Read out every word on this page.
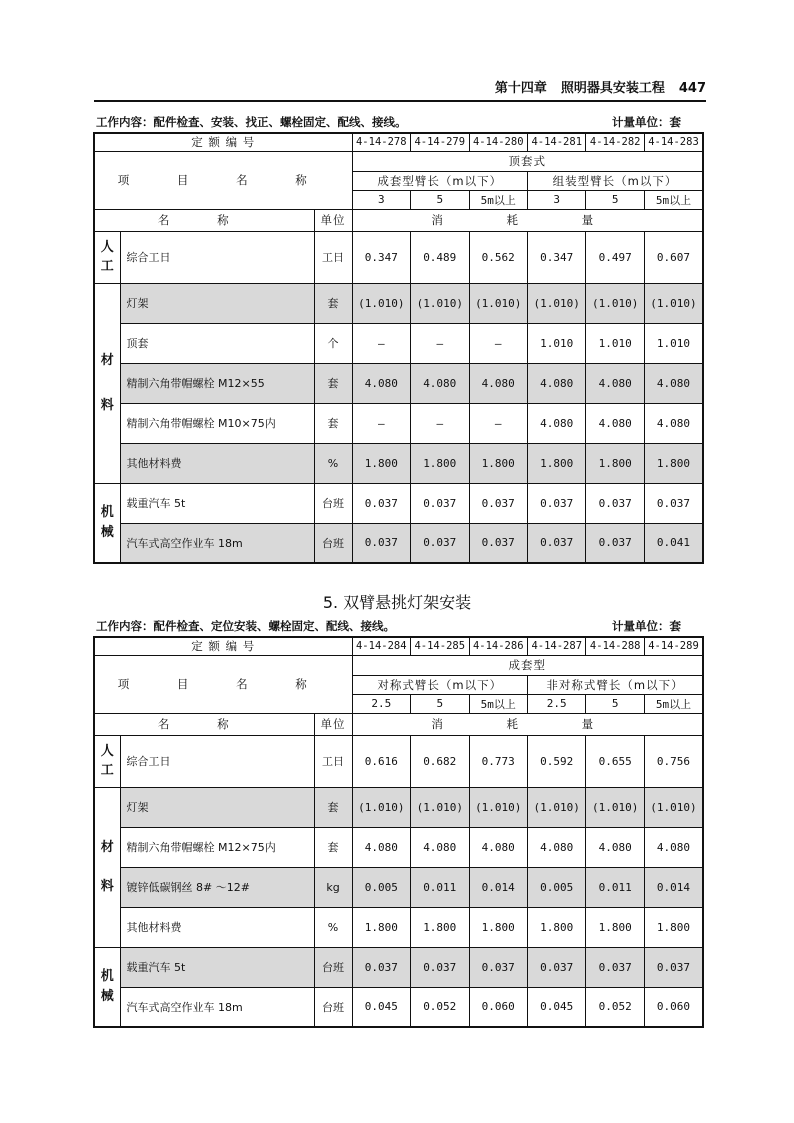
第十四章 照明器具安装工程 447
工作内容：配件检查、安装、找正、螺栓固定、配线、接线。	计量单位：套
定 额 编 号			4-14-278	4-14-279	4-14-280	4-14-281	4-14-282	4-14-283
项 目 名 称			顶套式					
			成套型臂长（m以下）			组装型臂长（m以下）		
			3	5	5m以上	3	5	5m以上
名 称		单位	消 耗 量					
人工	综合工日	工日	0.347	0.489	0.562	0.347	0.497	0.607
材料	灯架	套	(1.010)	(1.010)	(1.010)	(1.010)	(1.010)	(1.010)
	顶套	个	—	—	—	1.010	1.010	1.010
	精制六角带帽螺栓 M12×55	套	4.080	4.080	4.080	4.080	4.080	4.080
	精制六角带帽螺栓 M10×75内	套	—	—	—	4.080	4.080	4.080
	其他材料费	%	1.800	1.800	1.800	1.800	1.800	1.800
机械	载重汽车 5t	台班	0.037	0.037	0.037	0.037	0.037	0.037
	汽车式高空作业车 18m	台班	0.037	0.037	0.037	0.037	0.037	0.041
5. 双臂悬挑灯架安装
工作内容：配件检查、定位安装、螺栓固定、配线、接线。	计量单位：套
定 额 编 号			4-14-284	4-14-285	4-14-286	4-14-287	4-14-288	4-14-289
项 目 名 称			成套型					
			对称式臂长（m以下）			非对称式臂长（m以下）		
			2.5	5	5m以上	2.5	5	5m以上
名 称		单位	消 耗 量					
人工	综合工日	工日	0.616	0.682	0.773	0.592	0.655	0.756
材料	灯架	套	(1.010)	(1.010)	(1.010)	(1.010)	(1.010)	(1.010)
	精制六角带帽螺栓 M12×75内	套	4.080	4.080	4.080	4.080	4.080	4.080
	镀锌低碳钢丝 8# ～12#	kg	0.005	0.011	0.014	0.005	0.011	0.014
	其他材料费	%	1.800	1.800	1.800	1.800	1.800	1.800
机械	载重汽车 5t	台班	0.037	0.037	0.037	0.037	0.037	0.037
	汽车式高空作业车 18m	台班	0.045	0.052	0.060	0.045	0.052	0.060
